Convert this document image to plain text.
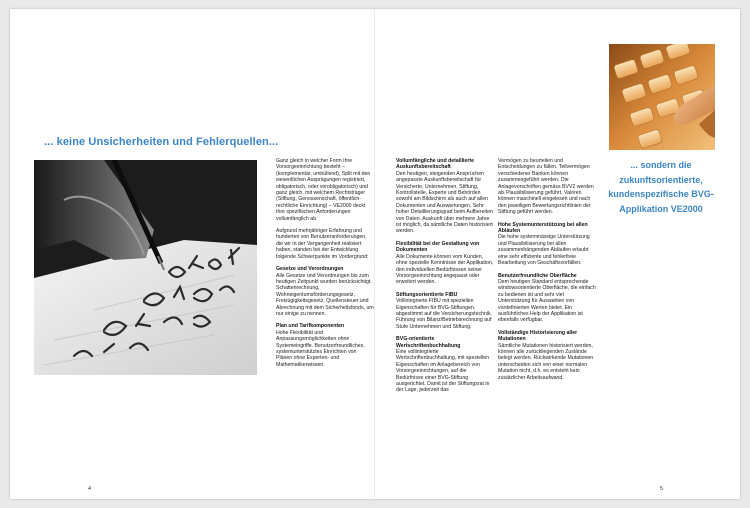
... keine Unsicherheiten und Fehlerquellen...

Ganz gleich in welcher Form Ihre Vorsorgeeinrichtung besteht – (komplementär, umhüllend), Split mit den wesentlichen Ausprägungen registriert, obligatorisch, oder vorobligatorisch) und ganz gleich, mit welchem Rechtsträger (Stiftung, Genossenschaft, öffentlich-rechtliche Einrichtung) – VE2000 deckt Ihre spezifischen Anforderungen vollumfänglich ab.

Aufgrund mehrjähriger Erfahrung und hunderten von Benutzeranforderungen, die wir in der Vergangenheit realisiert haben, standen bei der Entwicklung folgende Schwerpunkte im Vordergrund:

Gesetze und Verordnungen
Alle Gesetze und Verordnungen bis zum heutigen Zeitpunkt wurden berücksichtigt. Schattenrechnung, Wohneigentumsförderungsgesetz, Freizügigkeitsgesetz, Quellensteuer und Abrechnung mit dem Sicherheitsfonds, um nur einige zu nennen.
Plan und Tarifkomponenten
Hohe Flexibilität und Anpassungsmöglichkeiten ohne Systemeingriffe. Benutzerfreundliches, systemunterstütztes Einrichten von Plänen ohne Experten- und Mathematikerwissen.
4
Vollumfängliche und detaillierte Auskunftsbereitschaft
Den heutigen, steigenden Ansprüchen angepasste Auskunftsbereitschaft für Versicherte, Unternehmen, Stiftung, Kontrollstelle, Experte und Behörden sowohl am Bildschirm als auch auf allen Dokumenten und Auswertungen. Sehr hoher Detaillierungsgrad beim Aufbereiten von Daten. Auskunft über mehrere Jahre ist möglich, da sämtliche Daten historisiert werden.
Flexibilität bei der Gestaltung von Dokumenten
Alle Dokumente können vom Kunden, ohne spezielle Kenntnisse der Applikation, den individuellen Bedürfnissen seiner Vorsorgeeinrichtung angepasst oder erweitert werden.
Stiftungsorientierte FIBU
Vollintegrierte FIBU mit speziellen Eigenschaften für BVG-Stiftungen, abgestimmt auf die Versicherungstechnik. Führung von Bilanz/Betriebsrechnung auf Stufe Unternehmen und Stiftung.
BVG-orientierte Wertschriftenbuchhaltung
Eine vollintegrierte Wertschriftenbuchhaltung, mit speziellen Eigenschaften im Anlagebereich von Vorsorgeeinrichtungen, auf die Bedürfnisse einer BVG-Stiftung ausgerichtet. Damit ist der Stiftungsrat in der Lage, jederzeit das

Vermögen zu beurteilen und Entscheidungen zu fällen. Teilvermögen verschiedener Banken können zusammengeführt werden. Die Anlagevorschriften gemäss BVV2 werden als Plausibilisierung geführt. Valoren können maschinell eingelesen und nach den jeweiligen Bewertungsrichtlinien der Stiftung geführt werden.

Hohe Systemunterstützung bei allen Abläufen
Die hohe systemmässige Unterstützung und Plausibilisierung bei allen zusammenhängenden Abläufen erlaubt eine sehr effiziente und fehlerfreie Bearbeitung von Geschäftsvorfällen.
Benutzerfreundliche Oberfläche
Dem heutigen Standard entsprechende windowsorientierte Oberfläche, die einfach zu bedienen ist und sehr viel Unterstützung für Auswahlen von vordefinierten Werten bietet. Ein ausführliches Help der Applikation ist ebenfalls verfügbar.
Vollständige Historisierung aller Mutationen
Sämtliche Mutationen historisiert werden, können alle zurückliegenden Zustände belegt werden. Rückwirkende Mutationen unterscheiden sich von einer normalen Mutation nicht, d.h. es entsteht kein zusätzlicher Arbeitsaufwand.
... sondern die zukunftsorientierte, kundenspezifische BVG-Applikation VE2000
5
